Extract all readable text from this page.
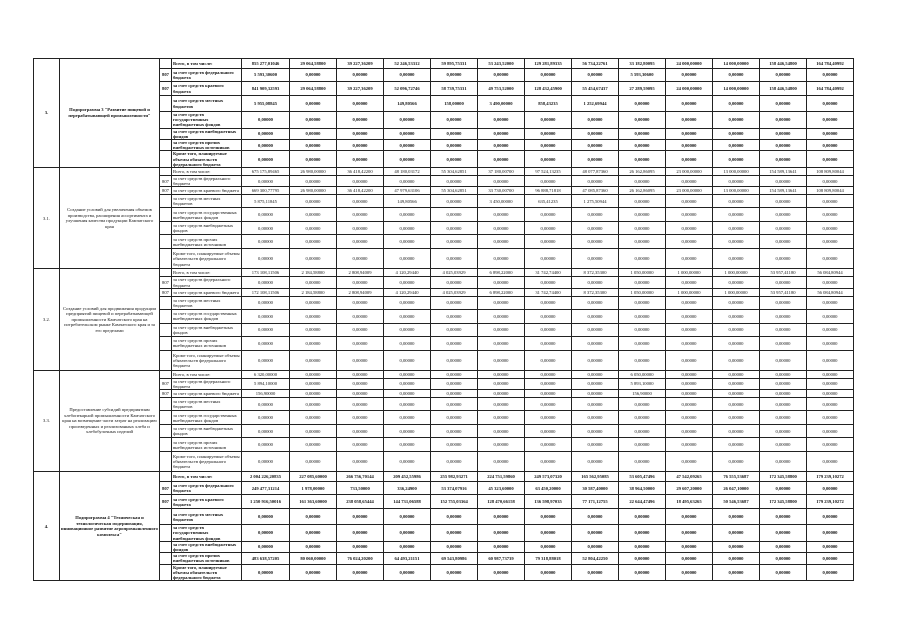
3.	Подпрограмма 3 "Развитие пищевой и перерабатывающей промышленности"		Всего, в том числе:	855 277,01046	29 064,58800	39 227,36209	52 246,53312	59 895,75331	53 243,52000	129 281,89335	56 734,22761	33 182,80095	24 000,00000	14 000,00000	158 446,54800	164 784,40992
		807	за счет средств федерального бюджета	5 593,30600	0,00000	0,00000	0,00000	0,00000	0,00000	0,00000	0,00000	5 593,30600	0,00000	0,00000	0,00000	0,00000
		807	за счет средств краевого бюджета	841 909,32593	29 064,58800	39 227,36209	52 096,72746	58 739,75331	49 753,52000	128 432,45900	55 454,67437	27 289,59095	24 000,00000	14 000,00000	158 446,54800	164 784,40992
			за счет средств местных бюджетов	5 955,08845	0,00000	0,00000	149,80566	158,00000	3 490,00000	858,43235	1 252,69944	0,00000	0,00000	0,00000	0,00000	0,00000
			за счет средств государственных внебюджетных фондов	0,00000	0,00000	0,00000	0,00000	0,00000	0,00000	0,00000	0,00000	0,00000	0,00000	0,00000	0,00000	0,00000
			за счет средств внебюджетных фондов	0,00000	0,00000	0,00000	0,00000	0,00000	0,00000	0,00000	0,00000	0,00000	0,00000	0,00000	0,00000	0,00000
			за счет средств прочих внебюджетных источников	0,00000	0,00000	0,00000	0,00000	0,00000	0,00000	0,00000	0,00000	0,00000	0,00000	0,00000	0,00000	0,00000
			Кроме того, планируемые объемы обязательств федерального бюджета	0,00000	0,00000	0,00000	0,00000	0,00000	0,00000	0,00000	0,00000	0,00000	0,00000	0,00000	0,00000	0,00000
3.1.	Создание условий для увеличения объемов производства, расширения ассортимента и улучшения качества продукции Камчатского края		Всего, в том числе:	675 175,89465	26 980,00000	36 418,42200	48 180,03172	55 304,62851	37 180,00700	97 524,13235	48 077,87360	26 162,86095	23 000,00000	13 000,00000	154 589,13641	108 809,80044
		807	за счет средств федерального бюджета	0,00000	0,00000	0,00000	0,00000	0,00000	0,00000	0,00000	0,00000	0,00000	0,00000	0,00000	0,00000	0,00000
		807	за счет средств краевого бюджета	669 300,77795	26 980,00000	36 418,42200	47 979,63106	55 304,62851	33 730,00700	96 888,71818	47 085,87360	26 162,86095	23 000,00000	13 000,00000	154 589,13641	108 809,80044
			за счет средств местных бюджетов	5 875,11845	0,00000	0,00000	149,80566	0,00000	3 450,00000	635,41235	1 275,50944	0,00000	0,00000	0,00000	0,00000	0,00000
			за счет средств государственных внебюджетных фондов	0,00000	0,00000	0,00000	0,00000	0,00000	0,00000	0,00000	0,00000	0,00000	0,00000	0,00000	0,00000	0,00000
			за счет средств внебюджетных фондов	0,00000	0,00000	0,00000	0,00000	0,00000	0,00000	0,00000	0,00000	0,00000	0,00000	0,00000	0,00000	0,00000
			за счет средств прочих внебюджетных источников	0,00000	0,00000	0,00000	0,00000	0,00000	0,00000	0,00000	0,00000	0,00000	0,00000	0,00000	0,00000	0,00000
			Кроме того, планируемые объемы обязательств федерального бюджета	0,00000	0,00000	0,00000	0,00000	0,00000	0,00000	0,00000	0,00000	0,00000	0,00000	0,00000	0,00000	0,00000
3.2.	Создание условий для продвижения продукции предприятий пищевой и перерабатывающей промышленности Камчатского края на потребительском рынке Камчатского края и за его пределами		Всего, в том числе:	173 108,11506	2 184,58800	2 808,94009	4 120,29440	4 025,03929	6 898,22000	31 742,74400	8 372,35300	1 050,00000	1 000,00000	1 000,00000	53 957,41180	56 084,80944
		807	за счет средств федерального бюджета	0,00000	0,00000	0,00000	0,00000	0,00000	0,00000	0,00000	0,00000	0,00000	0,00000	0,00000	0,00000	0,00000
		807	за счет средств краевого бюджета	172 108,11506	2 184,58800	2 808,94009	4 120,29440	4 025,03929	6 898,22000	31 742,74400	8 372,35300	1 050,00000	1 000,00000	1 000,00000	53 957,41180	56 084,80944
			за счет средств местных бюджетов	0,00000	0,00000	0,00000	0,00000	0,00000	0,00000	0,00000	0,00000	0,00000	0,00000	0,00000	0,00000	0,00000
			за счет средств государственных внебюджетных фондов	0,00000	0,00000	0,00000	0,00000	0,00000	0,00000	0,00000	0,00000	0,00000	0,00000	0,00000	0,00000	0,00000
			за счет средств внебюджетных фондов	0,00000	0,00000	0,00000	0,00000	0,00000	0,00000	0,00000	0,00000	0,00000	0,00000	0,00000	0,00000	0,00000
			за счет средств прочих внебюджетных источников	0,00000	0,00000	0,00000	0,00000	0,00000	0,00000	0,00000	0,00000	0,00000	0,00000	0,00000	0,00000	0,00000
			Кроме того, планируемые объемы обязательств федерального бюджета	0,00000	0,00000	0,00000	0,00000	0,00000	0,00000	0,00000	0,00000	0,00000	0,00000	0,00000	0,00000	0,00000
3.3.	Предоставление субсидий предприятиям хлебопекарной промышленности Камчатского края на возмещение части затрат на реализацию произведенных и реализованных хлеба и хлебобулочных изделий		Всего, в том числе:	6 320,00000	0,00000	0,00000	0,00000	0,00000	0,00000	0,00000	0,00000	6 050,00000	0,00000	0,00000	0,00000	0,00000
		807	за счет средств федерального бюджета	5 894,10000	0,00000	0,00000	0,00000	0,00000	0,00000	0,00000	0,00000	5 893,10000	0,00000	0,00000	0,00000	0,00000
		807	за счет средств краевого бюджета	156,90000	0,00000	0,00000	0,00000	0,00000	0,00000	0,00000	0,00000	156,90000	0,00000	0,00000	0,00000	0,00000
			за счет средств местных бюджетов	0,00000	0,00000	0,00000	0,00000	0,00000	0,00000	0,00000	0,00000	0,00000	0,00000	0,00000	0,00000	0,00000
			за счет средств государственных внебюджетных фондов	0,00000	0,00000	0,00000	0,00000	0,00000	0,00000	0,00000	0,00000	0,00000	0,00000	0,00000	0,00000	0,00000
			за счет средств внебюджетных фондов	0,00000	0,00000	0,00000	0,00000	0,00000	0,00000	0,00000	0,00000	0,00000	0,00000	0,00000	0,00000	0,00000
			за счет средств прочих внебюджетных источников	0,00000	0,00000	0,00000	0,00000	0,00000	0,00000	0,00000	0,00000	0,00000	0,00000	0,00000	0,00000	0,00000
			Кроме того, планируемые объемы обязательств федерального бюджета	0,00000	0,00000	0,00000	0,00000	0,00000	0,00000	0,00000	0,00000	0,00000	0,00000	0,00000	0,00000	0,00000
4.	Подпрограмма 4 "Техническая и технологическая модернизация, инновационное развитие агропромышленного комплекса"		Всего, в том числе:	2 004 226,20835	227 085,60000	266 756,70144	209 452,55986	255 982,93271	224 751,59860	249 573,07320	165 562,95085	53 605,47496	47 542,09265	76 555,53687	172 345,58800	179 239,10272
		807	за счет средств федерального бюджета	249 477,31214	1 978,00000	733,50000	336,24900	53 374,07916	45 323,60000	63 450,20000	30 587,40000	38 964,50000	29 607,20000	26 047,10000	0,00000	0,00000
		807	за счет средств краевого бюджета	1 250 916,50016	161 363,60000	238 058,65444	144 731,06588	152 755,03364	128 470,66158	136 598,97035	77 171,12755	22 644,47496	18 495,63265	50 546,53687	172 345,58800	179 239,10272
			за счет средств местных бюджетов	0,00000	0,00000	0,00000	0,00000	0,00000	0,00000	0,00000	0,00000	0,00000	0,00000	0,00000	0,00000	0,00000
			за счет средств государственных внебюджетных фондов	0,00000	0,00000	0,00000	0,00000	0,00000	0,00000	0,00000	0,00000	0,00000	0,00000	0,00000	0,00000	0,00000
			за счет средств внебюджетных фондов	0,00000	0,00000	0,00000	0,00000	0,00000	0,00000	0,00000	0,00000	0,00000	0,00000	0,00000	0,00000	0,00000
			за счет средств прочих внебюджетных источников	483 638,57205	80 060,00000	76 024,20200	64 493,21151	69 543,80986	60 987,73739	79 318,88018	52 804,42250	0,00000	0,00000	0,00000	0,00000	0,00000
			Кроме того, планируемые объемы обязательств федерального бюджета	0,00000	0,00000	0,00000	0,00000	0,00000	0,00000	0,00000	0,00000	0,00000	0,00000	0,00000	0,00000	0,00000
